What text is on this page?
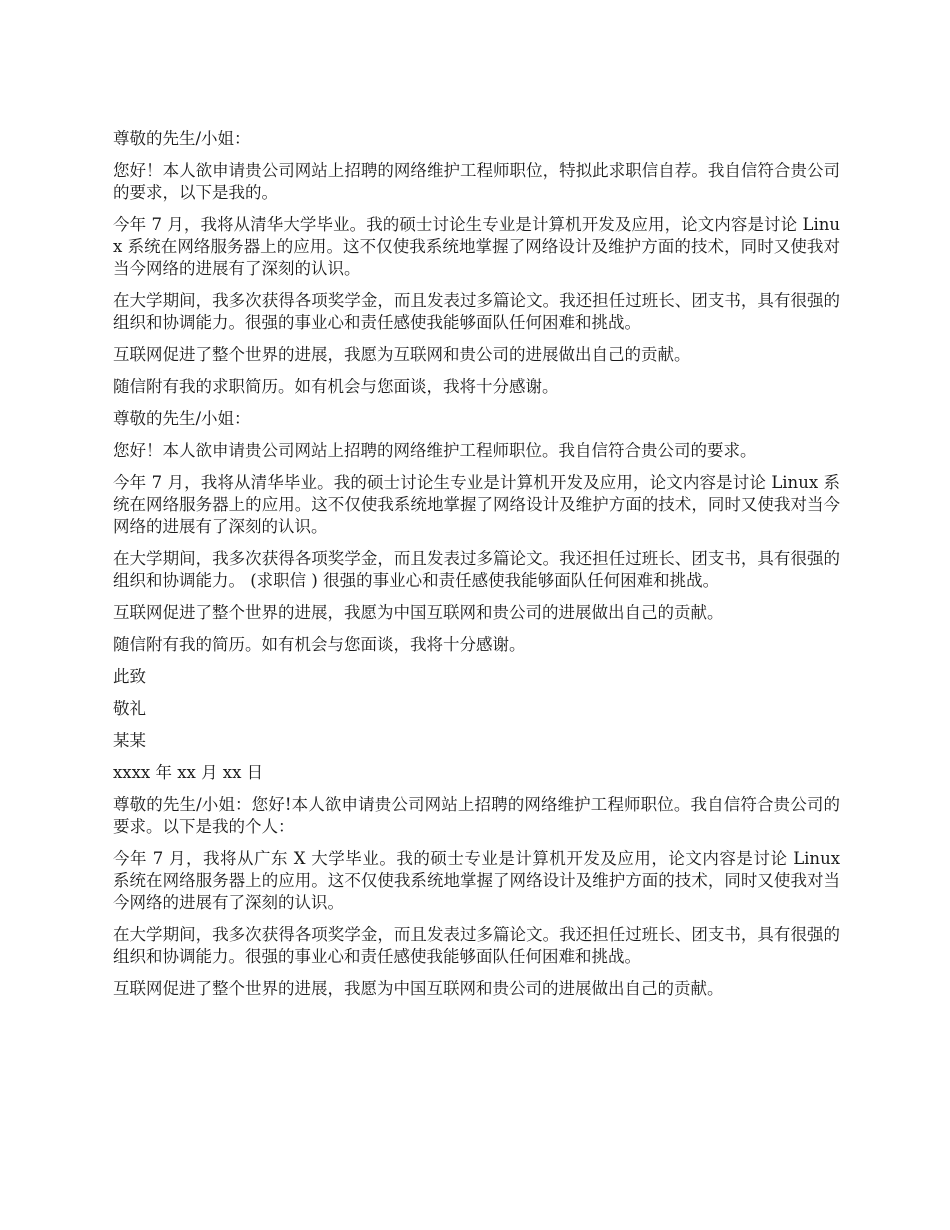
尊敬的先生/小姐：

您好！本人欲申请贵公司网站上招聘的网络维护工程师职位，特拟此求职信自荐。我自信符合贵公司的要求，以下是我的。

今年 7 月，我将从清华大学毕业。我的硕士讨论生专业是计算机开发及应用，论文内容是讨论 Linux 系统在网络服务器上的应用。这不仅使我系统地掌握了网络设计及维护方面的技术，同时又使我对当今网络的进展有了深刻的认识。

在大学期间，我多次获得各项奖学金，而且发表过多篇论文。我还担任过班长、团支书，具有很强的组织和协调能力。很强的事业心和责任感使我能够面队任何困难和挑战。

互联网促进了整个世界的进展，我愿为互联网和贵公司的进展做出自己的贡献。

随信附有我的求职简历。如有机会与您面谈，我将十分感谢。

尊敬的先生/小姐：

您好！本人欲申请贵公司网站上招聘的网络维护工程师职位。我自信符合贵公司的要求。

今年 7 月，我将从清华毕业。我的硕士讨论生专业是计算机开发及应用，论文内容是讨论 Linux 系统在网络服务器上的应用。这不仅使我系统地掌握了网络设计及维护方面的技术，同时又使我对当今网络的进展有了深刻的认识。

在大学期间，我多次获得各项奖学金，而且发表过多篇论文。我还担任过班长、团支书，具有很强的组织和协调能力。 (求职信 ) 很强的事业心和责任感使我能够面队任何困难和挑战。

互联网促进了整个世界的进展，我愿为中国互联网和贵公司的进展做出自己的贡献。

随信附有我的简历。如有机会与您面谈，我将十分感谢。

此致

敬礼

某某

xxxx 年 xx 月 xx 日

尊敬的先生/小姐：您好!本人欲申请贵公司网站上招聘的网络维护工程师职位。我自信符合贵公司的要求。以下是我的个人：

今年 7 月，我将从广东 X 大学毕业。我的硕士专业是计算机开发及应用，论文内容是讨论 Linux 系统在网络服务器上的应用。这不仅使我系统地掌握了网络设计及维护方面的技术，同时又使我对当今网络的进展有了深刻的认识。

在大学期间，我多次获得各项奖学金，而且发表过多篇论文。我还担任过班长、团支书，具有很强的组织和协调能力。很强的事业心和责任感使我能够面队任何困难和挑战。

互联网促进了整个世界的进展，我愿为中国互联网和贵公司的进展做出自己的贡献。
